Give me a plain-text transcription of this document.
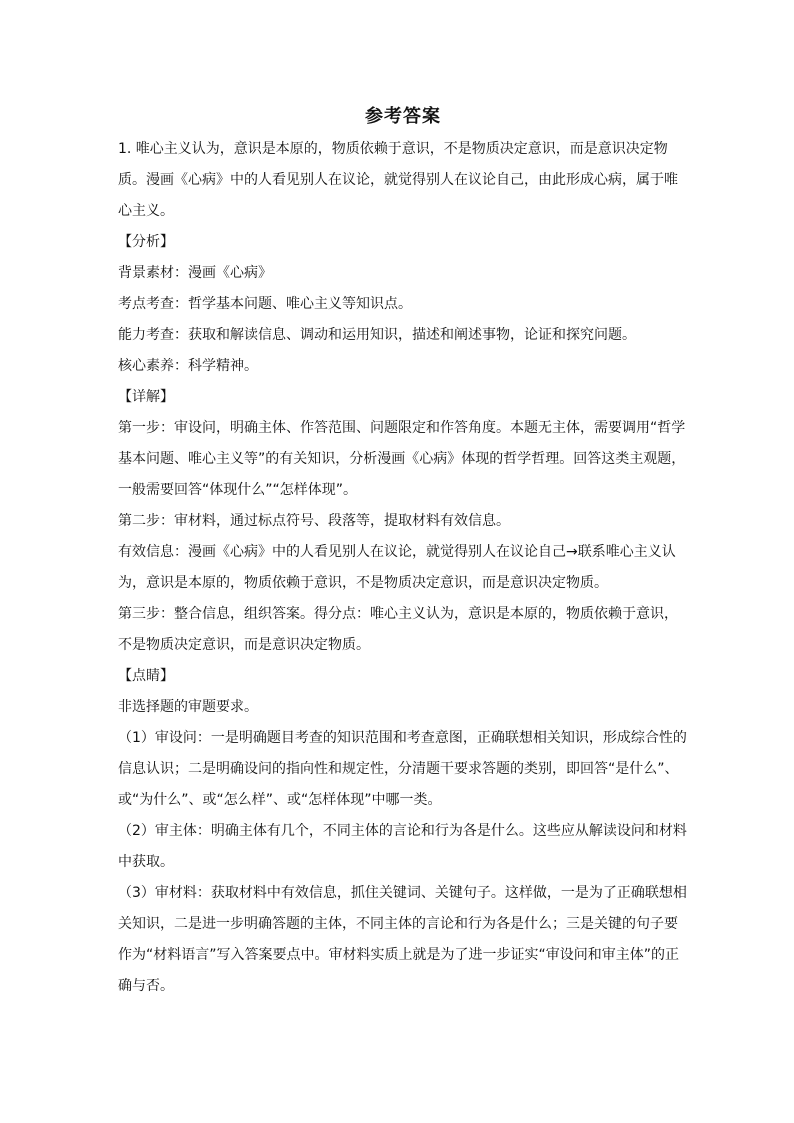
参考答案

1. 唯心主义认为，意识是本原的，物质依赖于意识，不是物质决定意识，而是意识决定物质。漫画《心病》中的人看见别人在议论，就觉得别人在议论自己，由此形成心病，属于唯心主义。

【分析】

背景素材：漫画《心病》

考点考查：哲学基本问题、唯心主义等知识点。

能力考查：获取和解读信息、调动和运用知识，描述和阐述事物，论证和探究问题。

核心素养：科学精神。

【详解】

第一步：审设问，明确主体、作答范围、问题限定和作答角度。本题无主体，需要调用“哲学基本问题、唯心主义等”的有关知识，分析漫画《心病》体现的哲学哲理。回答这类主观题，一般需要回答“体现什么”“怎样体现”。

第二步：审材料，通过标点符号、段落等，提取材料有效信息。

有效信息：漫画《心病》中的人看见别人在议论，就觉得别人在议论自己→联系唯心主义认为，意识是本原的，物质依赖于意识，不是物质决定意识，而是意识决定物质。

第三步：整合信息，组织答案。得分点：唯心主义认为，意识是本原的，物质依赖于意识，不是物质决定意识，而是意识决定物质。

【点睛】

非选择题的审题要求。

（1）审设问：一是明确题目考查的知识范围和考查意图，正确联想相关知识，形成综合性的信息认识；二是明确设问的指向性和规定性，分清题干要求答题的类别，即回答“是什么”、或“为什么”、或“怎么样”、或“怎样体现”中哪一类。

（2）审主体：明确主体有几个，不同主体的言论和行为各是什么。这些应从解读设问和材料中获取。

（3）审材料：获取材料中有效信息，抓住关键词、关键句子。这样做，一是为了正确联想相关知识，二是进一步明确答题的主体，不同主体的言论和行为各是什么；三是关键的句子要作为“材料语言”写入答案要点中。审材料实质上就是为了进一步证实“审设问和审主体”的正确与否。
